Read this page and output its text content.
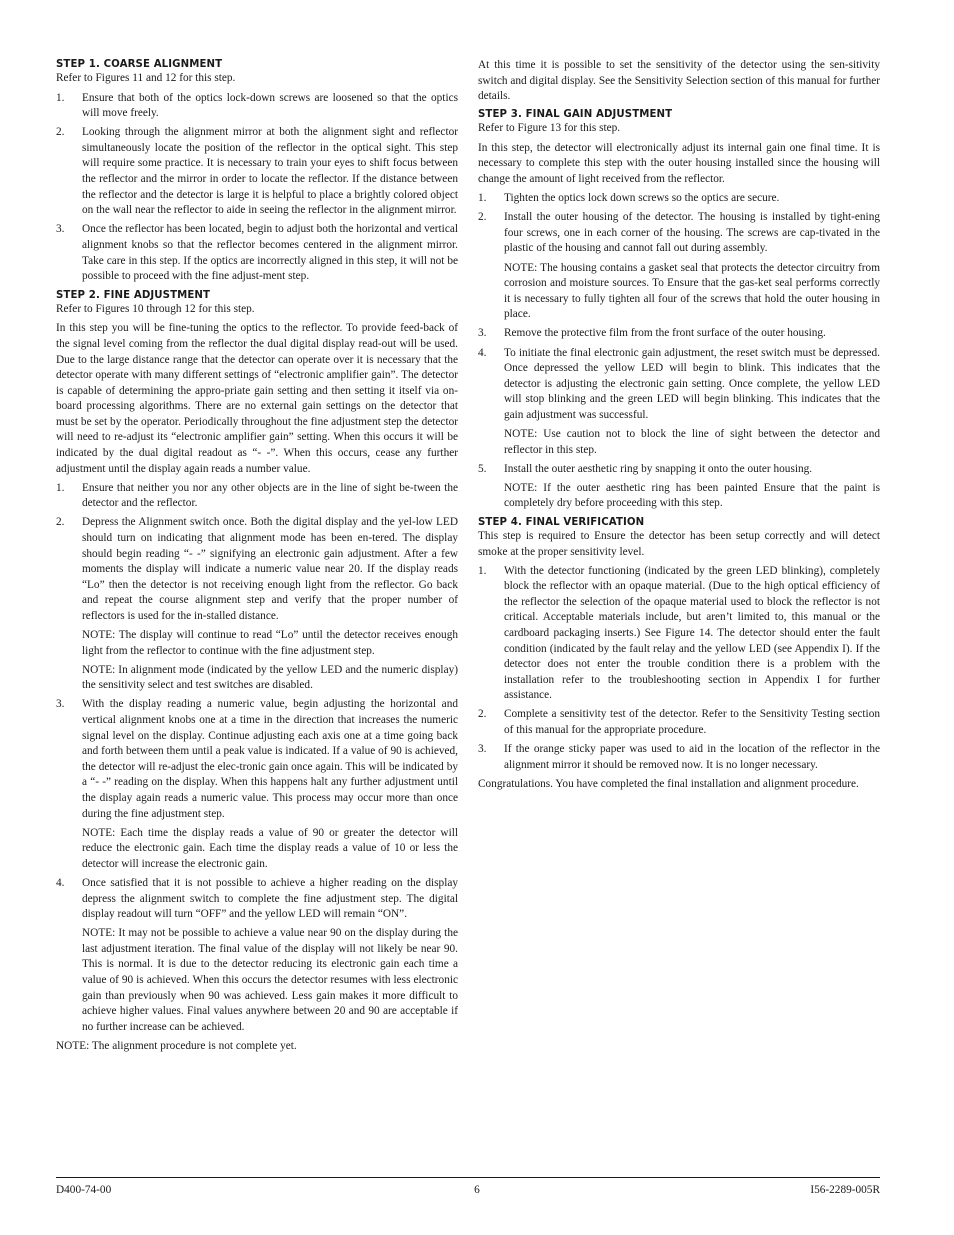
STEP 1. COARSE ALIGNMENT

Refer to Figures 11 and 12 for this step.

1. Ensure that both of the optics lock-down screws are loosened so that the optics will move freely.

2. Looking through the alignment mirror at both the alignment sight and reflector simultaneously locate the position of the reflector in the optical sight. This step will require some practice. It is necessary to train your eyes to shift focus between the reflector and the mirror in order to locate the reflector. If the distance between the reflector and the detector is large it is helpful to place a brightly colored object on the wall near the reflector to aide in seeing the reflector in the alignment mirror.

3. Once the reflector has been located, begin to adjust both the horizontal and vertical alignment knobs so that the reflector becomes centered in the alignment mirror. Take care in this step. If the optics are incorrectly aligned in this step, it will not be possible to proceed with the fine adjust-ment step.

STEP 2. FINE ADJUSTMENT

Refer to Figures 10 through 12 for this step.

In this step you will be fine-tuning the optics to the reflector. To provide feed-back of the signal level coming from the reflector the dual digital display read-out will be used. Due to the large distance range that the detector can operate over it is necessary that the detector operate with many different settings of “electronic amplifier gain”. The detector is capable of determining the appro-priate gain setting and then setting it itself via on-board processing algorithms. There are no external gain settings on the detector that must be set by the operator. Periodically throughout the fine adjustment step the detector will need to re-adjust its “electronic amplifier gain” setting. When this occurs it will be indicated by the dual digital readout as “- -”. When this occurs, cease any further adjustment until the display again reads a number value.

1. Ensure that neither you nor any other objects are in the line of sight be-tween the detector and the reflector.

2. Depress the Alignment switch once. Both the digital display and the yel-low LED should turn on indicating that alignment mode has been en-tered. The display should begin reading “- -” signifying an electronic gain adjustment. After a few moments the display will indicate a numeric value near 20. If the display reads “Lo” then the detector is not receiving enough light from the reflector. Go back and repeat the course alignment step and verify that the proper number of reflectors is used for the in-stalled distance.

NOTE: The display will continue to read “Lo” until the detector receives enough light from the reflector to continue with the fine adjustment step.

NOTE: In alignment mode (indicated by the yellow LED and the numeric display) the sensitivity select and test switches are disabled.

3. With the display reading a numeric value, begin adjusting the horizontal and vertical alignment knobs one at a time in the direction that increases the numeric signal level on the display. Continue adjusting each axis one at a time going back and forth between them until a peak value is indicated. If a value of 90 is achieved, the detector will re-adjust the elec-tronic gain once again. This will be indicated by a “- -” reading on the display. When this happens halt any further adjustment until the display again reads a numeric value. This process may occur more than once during the fine adjustment step.

NOTE: Each time the display reads a value of 90 or greater the detector will reduce the electronic gain. Each time the display reads a value of 10 or less the detector will increase the electronic gain.

4. Once satisfied that it is not possible to achieve a higher reading on the display depress the alignment switch to complete the fine adjustment step. The digital display readout will turn “OFF” and the yellow LED will remain “ON”.

NOTE: It may not be possible to achieve a value near 90 on the display during the last adjustment iteration. The final value of the display will not likely be near 90. This is normal. It is due to the detector reducing its electronic gain each time a value of 90 is achieved. When this occurs the detector resumes with less electronic gain than previously when 90 was achieved. Less gain makes it more difficult to achieve higher values. Final values anywhere between 20 and 90 are acceptable if no further increase can be achieved.

NOTE: The alignment procedure is not complete yet.

At this time it is possible to set the sensitivity of the detector using the sen-sitivity switch and digital display. See the Sensitivity Selection section of this manual for further details.

STEP 3. FINAL GAIN ADJUSTMENT

Refer to Figure 13 for this step.

In this step, the detector will electronically adjust its internal gain one final time. It is necessary to complete this step with the outer housing installed since the housing will change the amount of light received from the reflector.

1. Tighten the optics lock down screws so the optics are secure.

2. Install the outer housing of the detector. The housing is installed by tight-ening four screws, one in each corner of the housing. The screws are cap-tivated in the plastic of the housing and cannot fall out during assembly.

NOTE: The housing contains a gasket seal that protects the detector circuitry from corrosion and moisture sources. To Ensure that the gas-ket seal performs correctly it is necessary to fully tighten all four of the screws that hold the outer housing in place.

3. Remove the protective film from the front surface of the outer housing.

4. To initiate the final electronic gain adjustment, the reset switch must be depressed. Once depressed the yellow LED will begin to blink. This indicates that the detector is adjusting the electronic gain setting. Once complete, the yellow LED will stop blinking and the green LED will begin blinking. This indicates that the gain adjustment was successful.

NOTE: Use caution not to block the line of sight between the detector and reflector in this step.

5. Install the outer aesthetic ring by snapping it onto the outer housing.

NOTE: If the outer aesthetic ring has been painted Ensure that the paint is completely dry before proceeding with this step.

STEP 4. FINAL VERIFICATION

This step is required to Ensure the detector has been setup correctly and will detect smoke at the proper sensitivity level.

1. With the detector functioning (indicated by the green LED blinking), completely block the reflector with an opaque material. (Due to the high optical efficiency of the reflector the selection of the opaque material used to block the reflector is not critical. Acceptable materials include, but aren’t limited to, this manual or the cardboard packaging inserts.) See Figure 14. The detector should enter the fault condition (indicated by the fault relay and the yellow LED (see Appendix I). If the detector does not enter the trouble condition there is a problem with the installation refer to the troubleshooting section in Appendix I for further assistance.

2. Complete a sensitivity test of the detector. Refer to the Sensitivity Testing section of this manual for the appropriate procedure.

3. If the orange sticky paper was used to aid in the location of the reflector in the alignment mirror it should be removed now. It is no longer necessary.

Congratulations. You have completed the final installation and alignment procedure.

D400-74-00	6	I56-2289-005R
